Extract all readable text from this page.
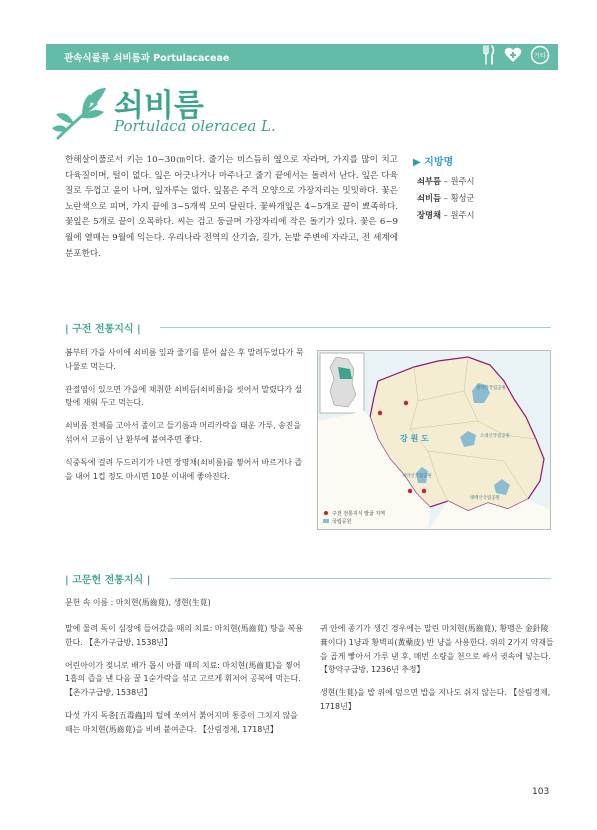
관속식물류 쇠비름과 Portulacaceae	기타
쇠비름
Portulaca oleracea L.
한해살이풀로서 키는 10~30㎝이다. 줄기는 비스듬히 옆으로 자라며, 가지를 많이 치고 다육질이며, 털이 없다. 잎은 어긋나거나 마주나고 줄기 끝에서는 돌려서 난다. 잎은 다육질로 두껍고 윤이 나며, 잎자루는 없다. 잎몸은 주걱 모양으로 가장자리는 밋밋하다. 꽃은 노란색으로 피며, 가지 끝에 3~5개씩 모여 달린다. 꽃싸개잎은 4~5개로 끝이 뾰족하다. 꽃잎은 5개로 끝이 오목하다. 씨는 검고 둥글며 가장자리에 작은 돌기가 있다. 꽃은 6~9월에 열매는 9월에 익는다. 우리나라 전역의 산기슭, 길가, 논밭 주변에 자라고, 전 세계에 분포한다.
▶ 지방명
쇠부름 – 원주시
쇠비듬 – 횡성군
장명채 – 원주시
| 구전 전통지식 |

봄부터 가을 사이에 쇠비름 잎과 줄기를 뜯어 삶은 후 말려두었다가 묵나물로 먹는다.

관절염이 있으면 가을에 채취한 쇠비듬(쇠비름)을 씻어서 말렸다가 설탕에 재워 두고 먹는다.

쇠비름 전체를 고아서 졸이고 들기름과 머리카락을 태운 가루, 송진을 섞어서 고름이 난 환부에 붙여주면 좋다.

식중독에 걸려 두드러기가 나면 장명채(쇠비름)를 찧어서 바르거나 즙을 내어 1컵 정도 마시면 10분 이내에 좋아진다.

강 원 도
설악산국립공원
오대산국립공원
치악산국립공원
태백산국립공원
구전 전통지식 발굴 지역
국립공원
| 고문헌 전통지식 |
문헌 속 이름 : 마치현(馬齒莧), 생현(生莧)

말에 물려 독이 심장에 들어갔을 때의 치료: 마치현(馬齒莧) 탕을 복용한다. 【촌가구급방, 1538년】

어린아이가 젖니로 배가 몹시 아플 때의 치료: 마치현(馬齒莧)을 찧어 1홉의 즙을 낸 다음 꿀 1숟가락을 섞고 고르게 휘저어 공복에 먹는다. 【촌가구급방, 1538년】

다섯 가지 독충[五毒蟲]의 털에 쏘여서 붉어지며 통증이 그치지 않을 때는 마치현(馬齒莧)을 비벼 붙여준다. 【산림경제, 1718년】

귀 안에 종기가 생긴 경우에는 말린 마치현(馬齒莧), 황맹은 金針陵膏이다) 1냥과 황벽피(黃蘗皮) 반 냥을 사용한다. 위의 2가지 약재들을 곱게 빻아서 가루 낸 후, 매번 소량을 천으로 싸서 귓속에 넣는다. 【향약구급방, 1236년 추정】

생현(生莧)을 밥 위에 덮으면 밥을 지나도 쉬지 않는다. 【산림경제, 1718년】

103
